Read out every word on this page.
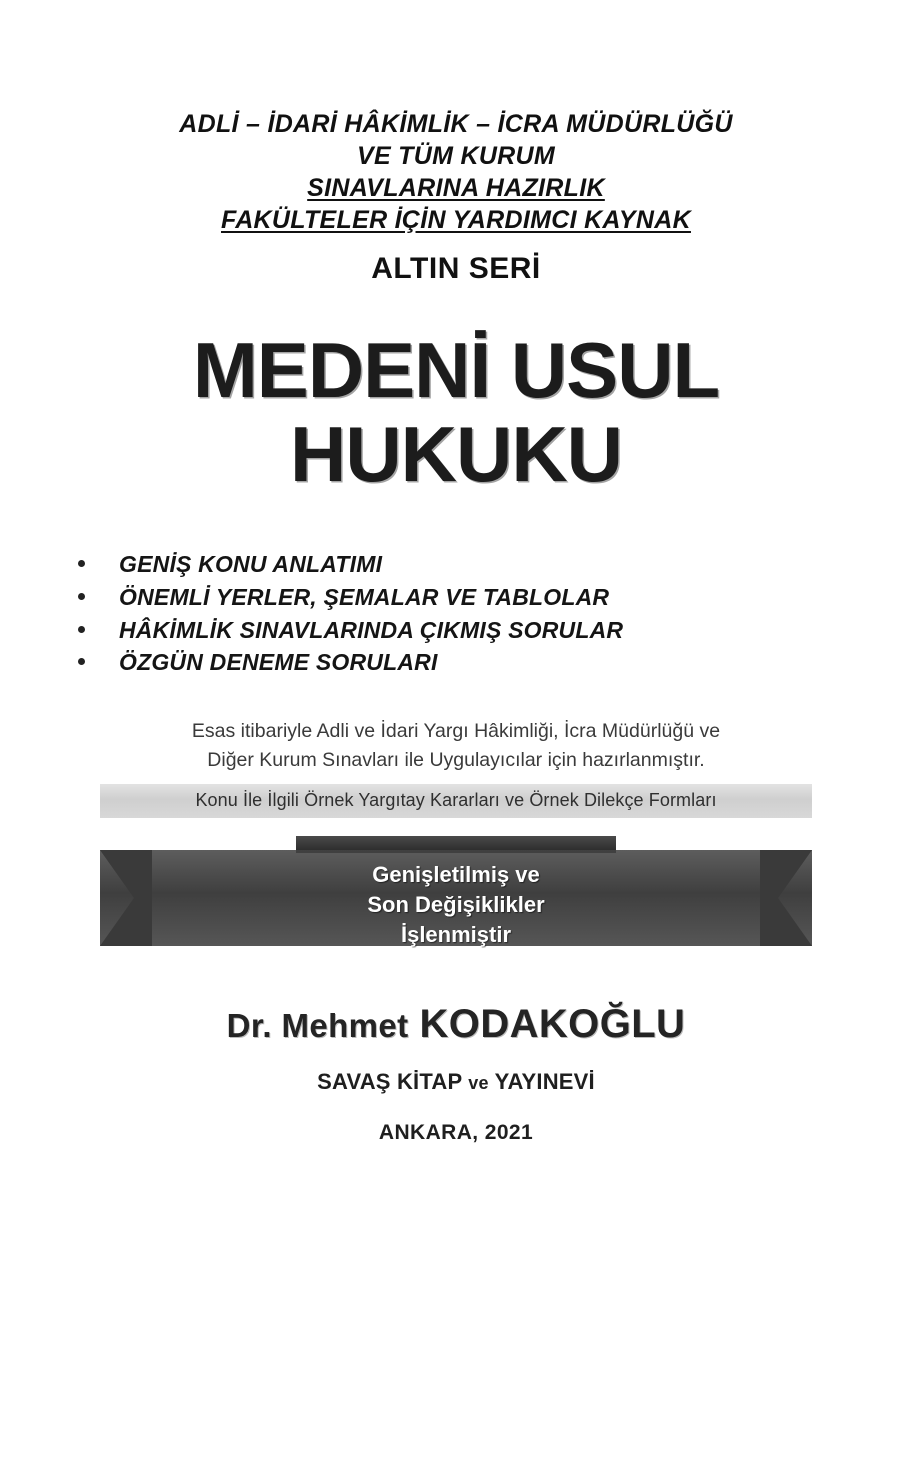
ADLİ – İDARİ HÂKİMLİK – İCRA MÜDÜRLÜĞÜ
VE TÜM KURUM
SINAVLARINA HAZIRLIK
FAKÜLTELER İÇİN YARDIMCI KAYNAK
ALTIN SERİ
MEDENİ USUL
HUKUKU
GENİŞ KONU ANLATIMI
ÖNEMLİ YERLER, ŞEMALAR VE TABLOLAR
HÂKİMLİK SINAVLARINDA ÇIKMIŞ SORULAR
ÖZGÜN DENEME SORULARI
Esas itibariyle Adli ve İdari Yargı Hâkimliği, İcra Müdürlüğü ve
Diğer Kurum Sınavları ile Uygulayıcılar için hazırlanmıştır.
Konu İle İlgili Örnek Yargıtay Kararları ve Örnek Dilekçe Formları
Genişletilmiş ve
Son Değişiklikler
İşlenmiştir
Dr. Mehmet KODAKOĞLU
SAVAŞ KİTAP ve YAYINEVİ
ANKARA, 2021
